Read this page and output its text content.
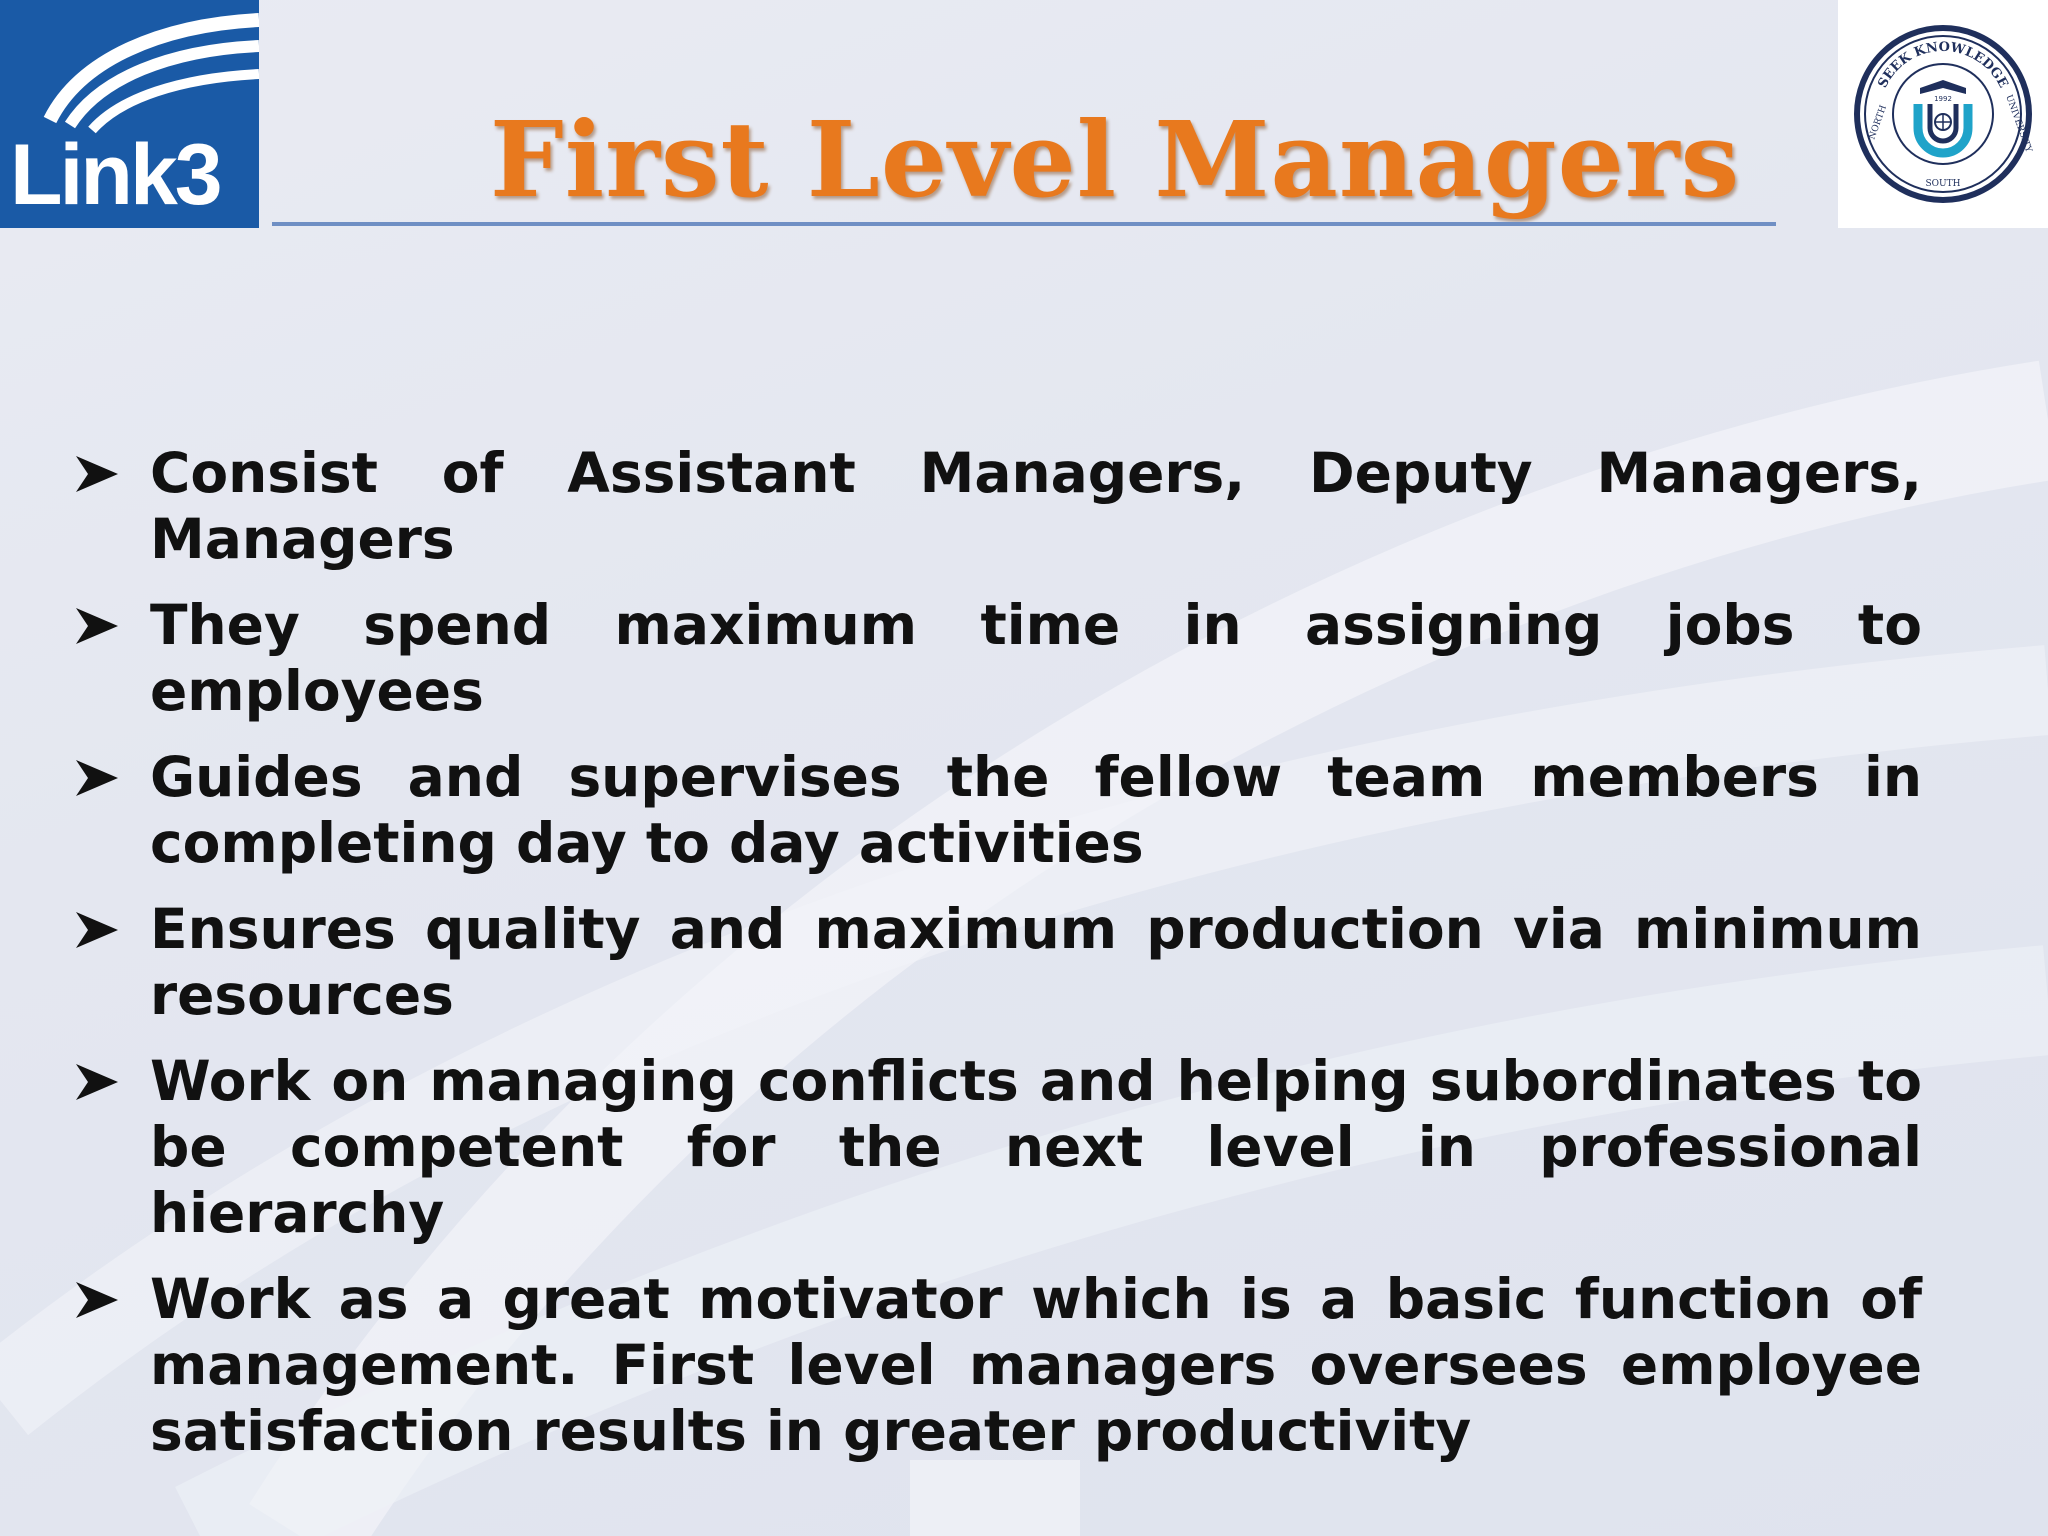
Link3	First Level Managers
SEEK KNOWLEDGE
NORTH
SOUTH
UNIVERSITY
1992
Consist of Assistant Managers, Deputy Managers, Managers
They spend maximum time in assigning jobs to employees
Guides and supervises the fellow team members in completing day to day activities
Ensures quality and maximum production via minimum resources
Work on managing conflicts and helping subordinates to be competent for the next level in professional hierarchy
Work as a great motivator which is a basic function of management. First level managers oversees employee satisfaction results in greater productivity
